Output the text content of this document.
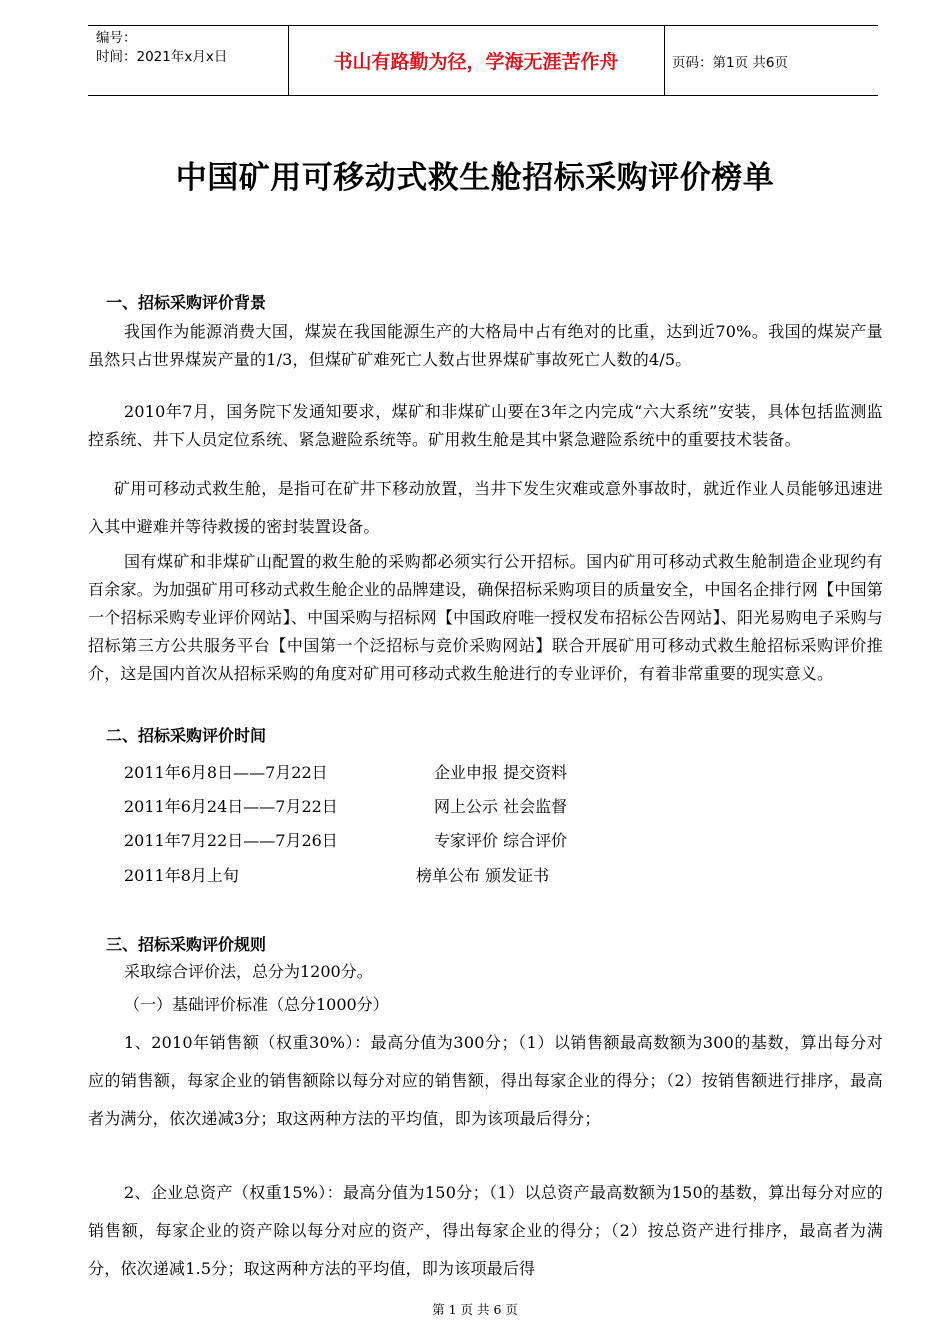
编号：
时间：2021年x月x日	书山有路勤为径，学海无涯苦作舟	页码：第1页 共6页
中国矿用可移动式救生舱招标采购评价榜单
一、招标采购评价背景
我国作为能源消费大国，煤炭在我国能源生产的大格局中占有绝对的比重，达到近70%。我国的煤炭产量虽然只占世界煤炭产量的1/3，但煤矿矿难死亡人数占世界煤矿事故死亡人数的4/5。
2010年7月，国务院下发通知要求，煤矿和非煤矿山要在3年之内完成“六大系统”安装，具体包括监测监控系统、井下人员定位系统、紧急避险系统等。矿用救生舱是其中紧急避险系统中的重要技术装备。
矿用可移动式救生舱，是指可在矿井下移动放置，当井下发生灾难或意外事故时，就近作业人员能够迅速进入其中避难并等待救援的密封装置设备。
国有煤矿和非煤矿山配置的救生舱的采购都必须实行公开招标。国内矿用可移动式救生舱制造企业现约有百余家。为加强矿用可移动式救生舱企业的品牌建设，确保招标采购项目的质量安全，中国名企排行网【中国第一个招标采购专业评价网站】、中国采购与招标网【中国政府唯一授权发布招标公告网站】、阳光易购电子采购与招标第三方公共服务平台【中国第一个泛招标与竞价采购网站】联合开展矿用可移动式救生舱招标采购评价推介，这是国内首次从招标采购的角度对矿用可移动式救生舱进行的专业评价，有着非常重要的现实意义。
二、招标采购评价时间
2011年6月8日——7月22日	企业申报 提交资料
2011年6月24日——7月22日	网上公示 社会监督
2011年7月22日——7月26日	专家评价 综合评价
2011年8月上旬	榜单公布 颁发证书
三、招标采购评价规则
采取综合评价法，总分为1200分。
（一）基础评价标准（总分1000分）
1、2010年销售额（权重30%）：最高分值为300分；（1）以销售额最高数额为300的基数，算出每分对应的销售额，每家企业的销售额除以每分对应的销售额，得出每家企业的得分；（2）按销售额进行排序，最高者为满分，依次递减3分；取这两种方法的平均值，即为该项最后得分；
2、企业总资产（权重15%）：最高分值为150分；（1）以总资产最高数额为150的基数，算出每分对应的销售额，每家企业的资产除以每分对应的资产，得出每家企业的得分；（2）按总资产进行排序，最高者为满分，依次递减1.5分；取这两种方法的平均值，即为该项最后得
第 1 页 共 6 页
